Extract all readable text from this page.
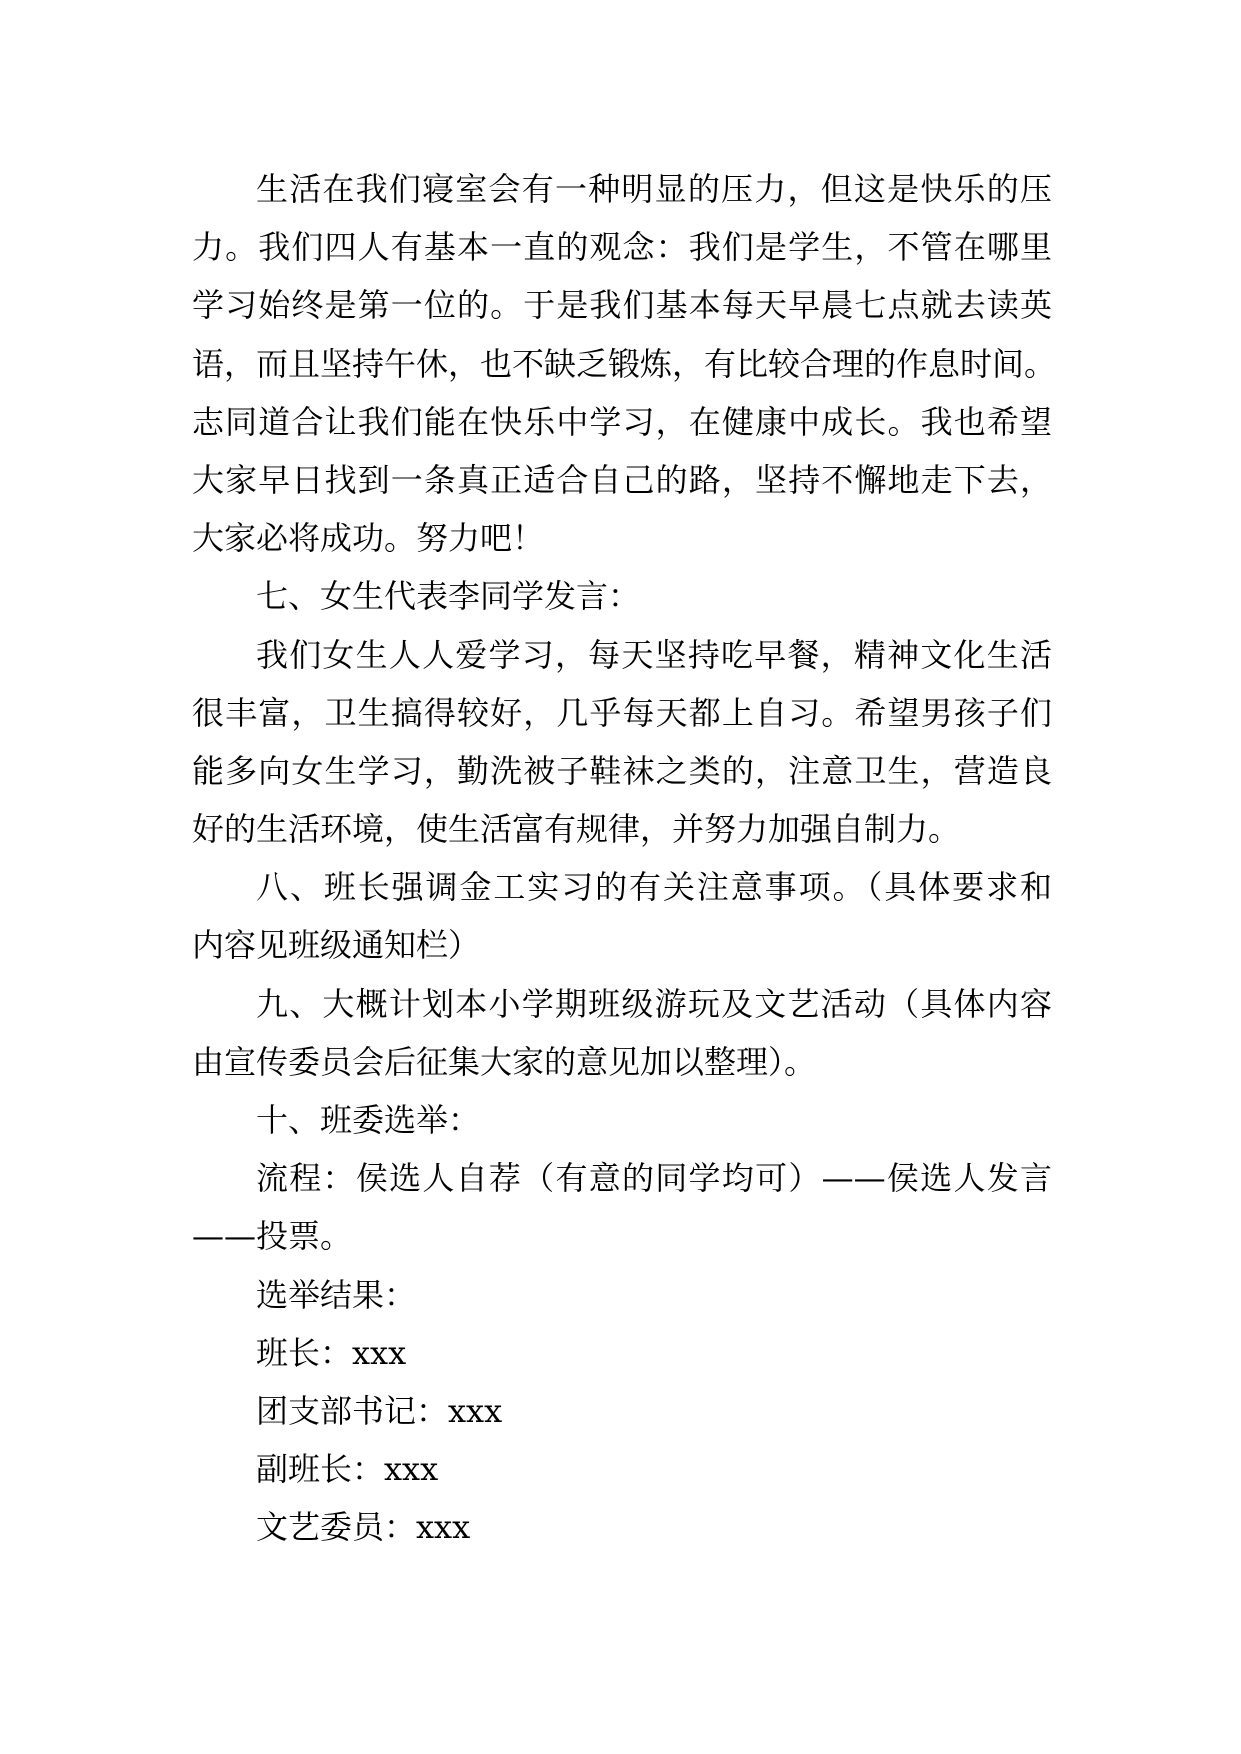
生活在我们寝室会有一种明显的压力，但这是快乐的压
力。我们四人有基本一直的观念：我们是学生，不管在哪里
学习始终是第一位的。于是我们基本每天早晨七点就去读英
语，而且坚持午休，也不缺乏锻炼，有比较合理的作息时间。
志同道合让我们能在快乐中学习，在健康中成长。我也希望
大家早日找到一条真正适合自己的路，坚持不懈地走下去，
大家必将成功。努力吧！
七、女生代表李同学发言：
我们女生人人爱学习，每天坚持吃早餐，精神文化生活
很丰富，卫生搞得较好，几乎每天都上自习。希望男孩子们
能多向女生学习，勤洗被子鞋袜之类的，注意卫生，营造良
好的生活环境，使生活富有规律，并努力加强自制力。
八、班长强调金工实习的有关注意事项。（具体要求和
内容见班级通知栏）
九、大概计划本小学期班级游玩及文艺活动（具体内容
由宣传委员会后征集大家的意见加以整理）。
十、班委选举：
流程：侯选人自荐（有意的同学均可）——侯选人发言
——投票。
选举结果：
班长：xxx
团支部书记：xxx
副班长：xxx
文艺委员：xxx
